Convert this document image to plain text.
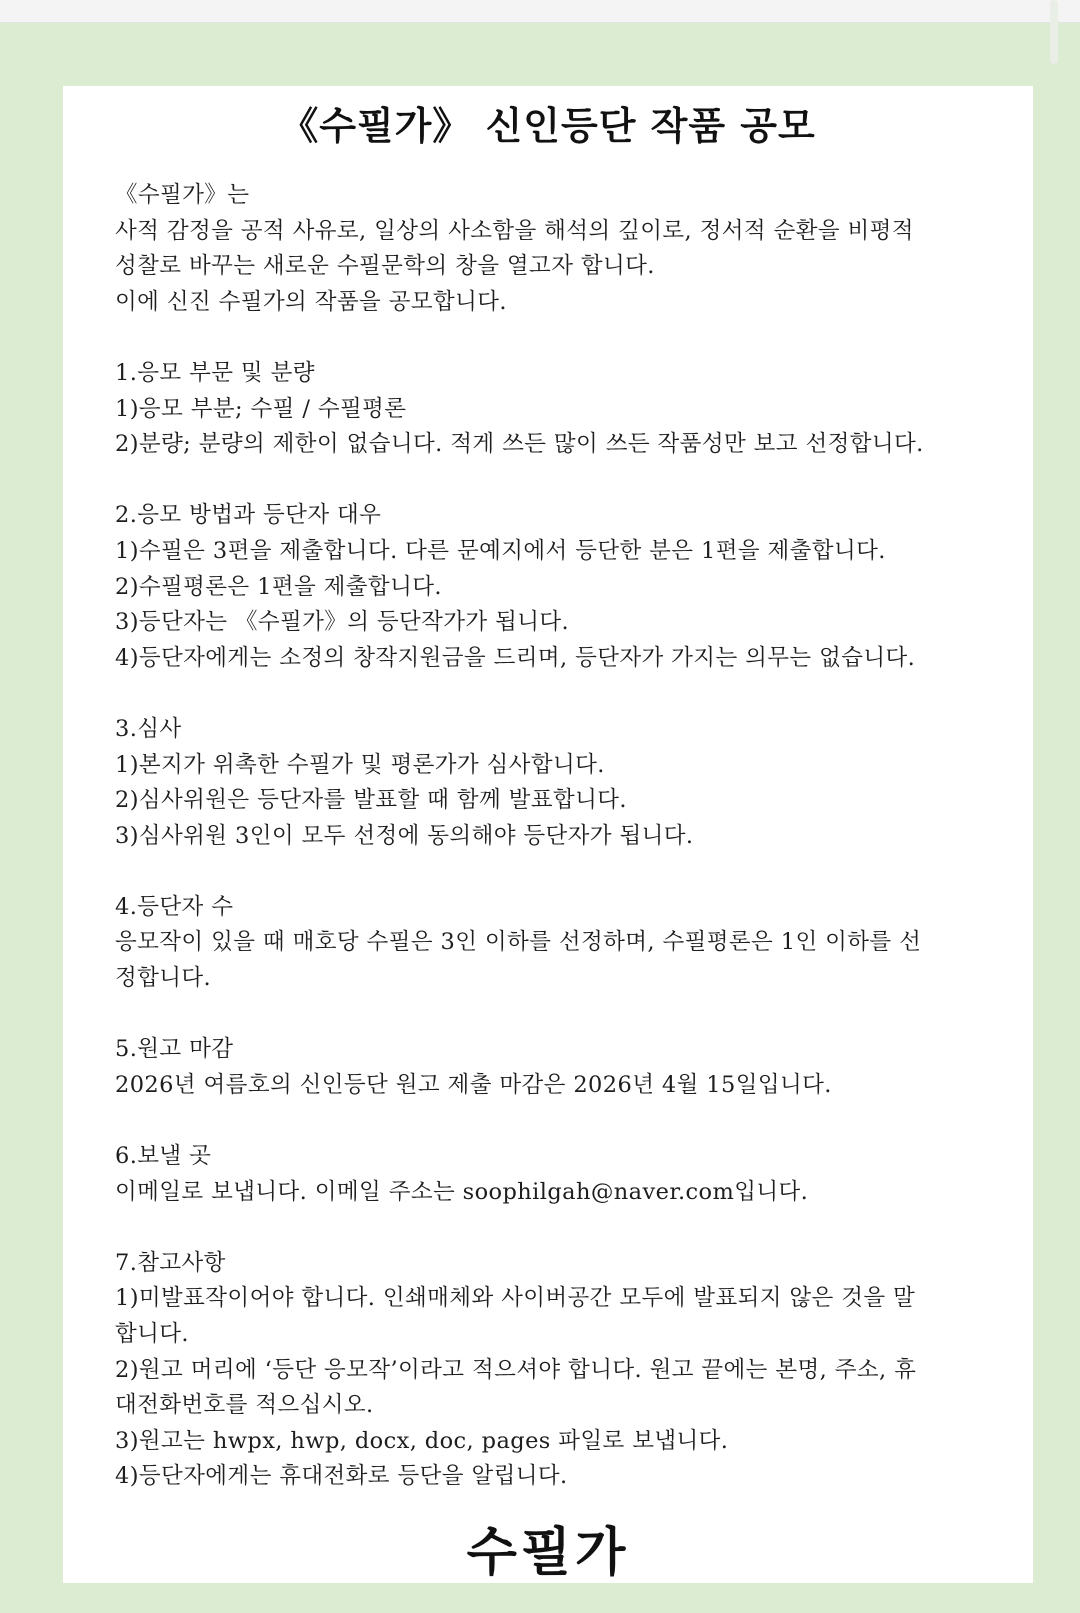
《수필가》 신인등단 작품 공모

《수필가》는

사적 감정을 공적 사유로, 일상의 사소함을 해석의 깊이로, 정서적 순환을 비평적

성찰로 바꾸는 새로운 수필문학의 창을 열고자 합니다.

이에 신진 수필가의 작품을 공모합니다.

1.응모 부문 및 분량

1)응모 부분; 수필 / 수필평론

2)분량; 분량의 제한이 없습니다. 적게 쓰든 많이 쓰든 작품성만 보고 선정합니다.

2.응모 방법과 등단자 대우

1)수필은 3편을 제출합니다. 다른 문예지에서 등단한 분은 1편을 제출합니다.

2)수필평론은 1편을 제출합니다.

3)등단자는 《수필가》의 등단작가가 됩니다.

4)등단자에게는 소정의 창작지원금을 드리며, 등단자가 가지는 의무는 없습니다.

3.심사

1)본지가 위촉한 수필가 및 평론가가 심사합니다.

2)심사위원은 등단자를 발표할 때 함께 발표합니다.

3)심사위원 3인이 모두 선정에 동의해야 등단자가 됩니다.

4.등단자 수

응모작이 있을 때 매호당 수필은 3인 이하를 선정하며, 수필평론은 1인 이하를 선

정합니다.

5.원고 마감

2026년 여름호의 신인등단 원고 제출 마감은 2026년 4월 15일입니다.

6.보낼 곳

이메일로 보냅니다. 이메일 주소는 soophilgah@naver.com입니다.

7.참고사항

1)미발표작이어야 합니다. 인쇄매체와 사이버공간 모두에 발표되지 않은 것을 말

합니다.

2)원고 머리에 ‘등단 응모작’이라고 적으셔야 합니다. 원고 끝에는 본명, 주소, 휴

대전화번호를 적으십시오.

3)원고는 hwpx, hwp, docx, doc, pages 파일로 보냅니다.

4)등단자에게는 휴대전화로 등단을 알립니다.

수필가
